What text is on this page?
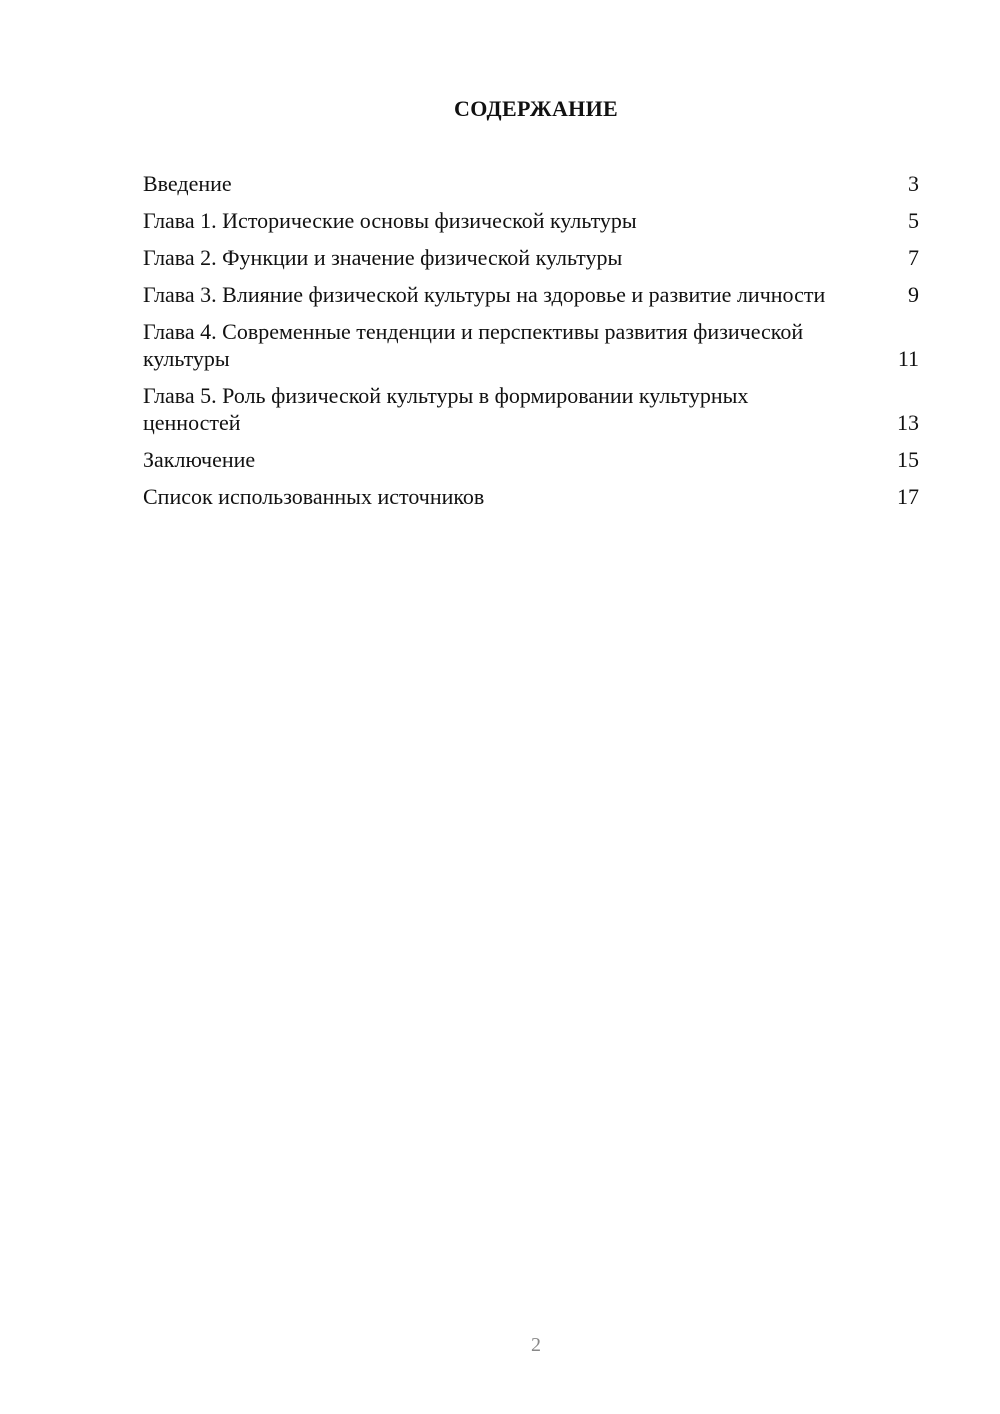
СОДЕРЖАНИЕ
Введение	3
Глава 1. Исторические основы физической культуры	5
Глава 2. Функции и значение физической культуры	7
Глава 3. Влияние физической культуры на здоровье и развитие личности	9
Глава 4. Современные тенденции и перспективы развития физической культуры	11
Глава 5. Роль физической культуры в формировании культурных ценностей	13
Заключение	15
Список использованных источников	17
2
